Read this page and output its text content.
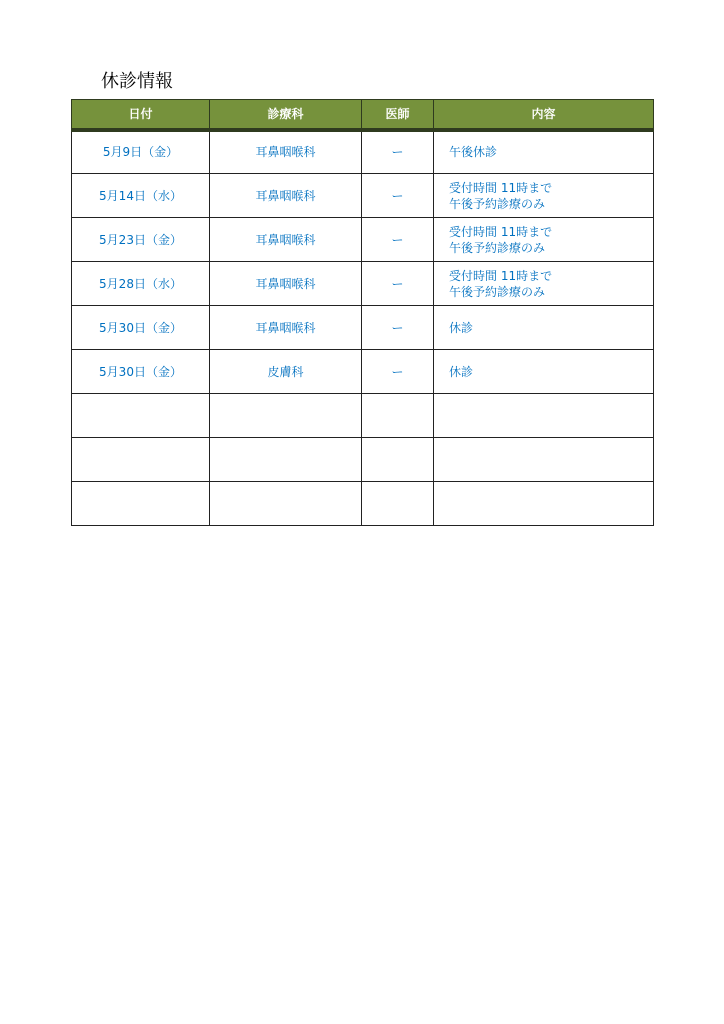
休診情報
日付	診療科	医師	内容
5月9日（金）	耳鼻咽喉科	ー	午後休診

5月14日（水）	耳鼻咽喉科	ー	受付時間 11時まで
午後予約診療のみ

5月23日（金）	耳鼻咽喉科	ー	受付時間 11時まで
午後予約診療のみ

5月28日（水）	耳鼻咽喉科	ー	受付時間 11時まで
午後予約診療のみ

5月30日（金）	耳鼻咽喉科	ー	休診

5月30日（金）	皮膚科	ー	休診
